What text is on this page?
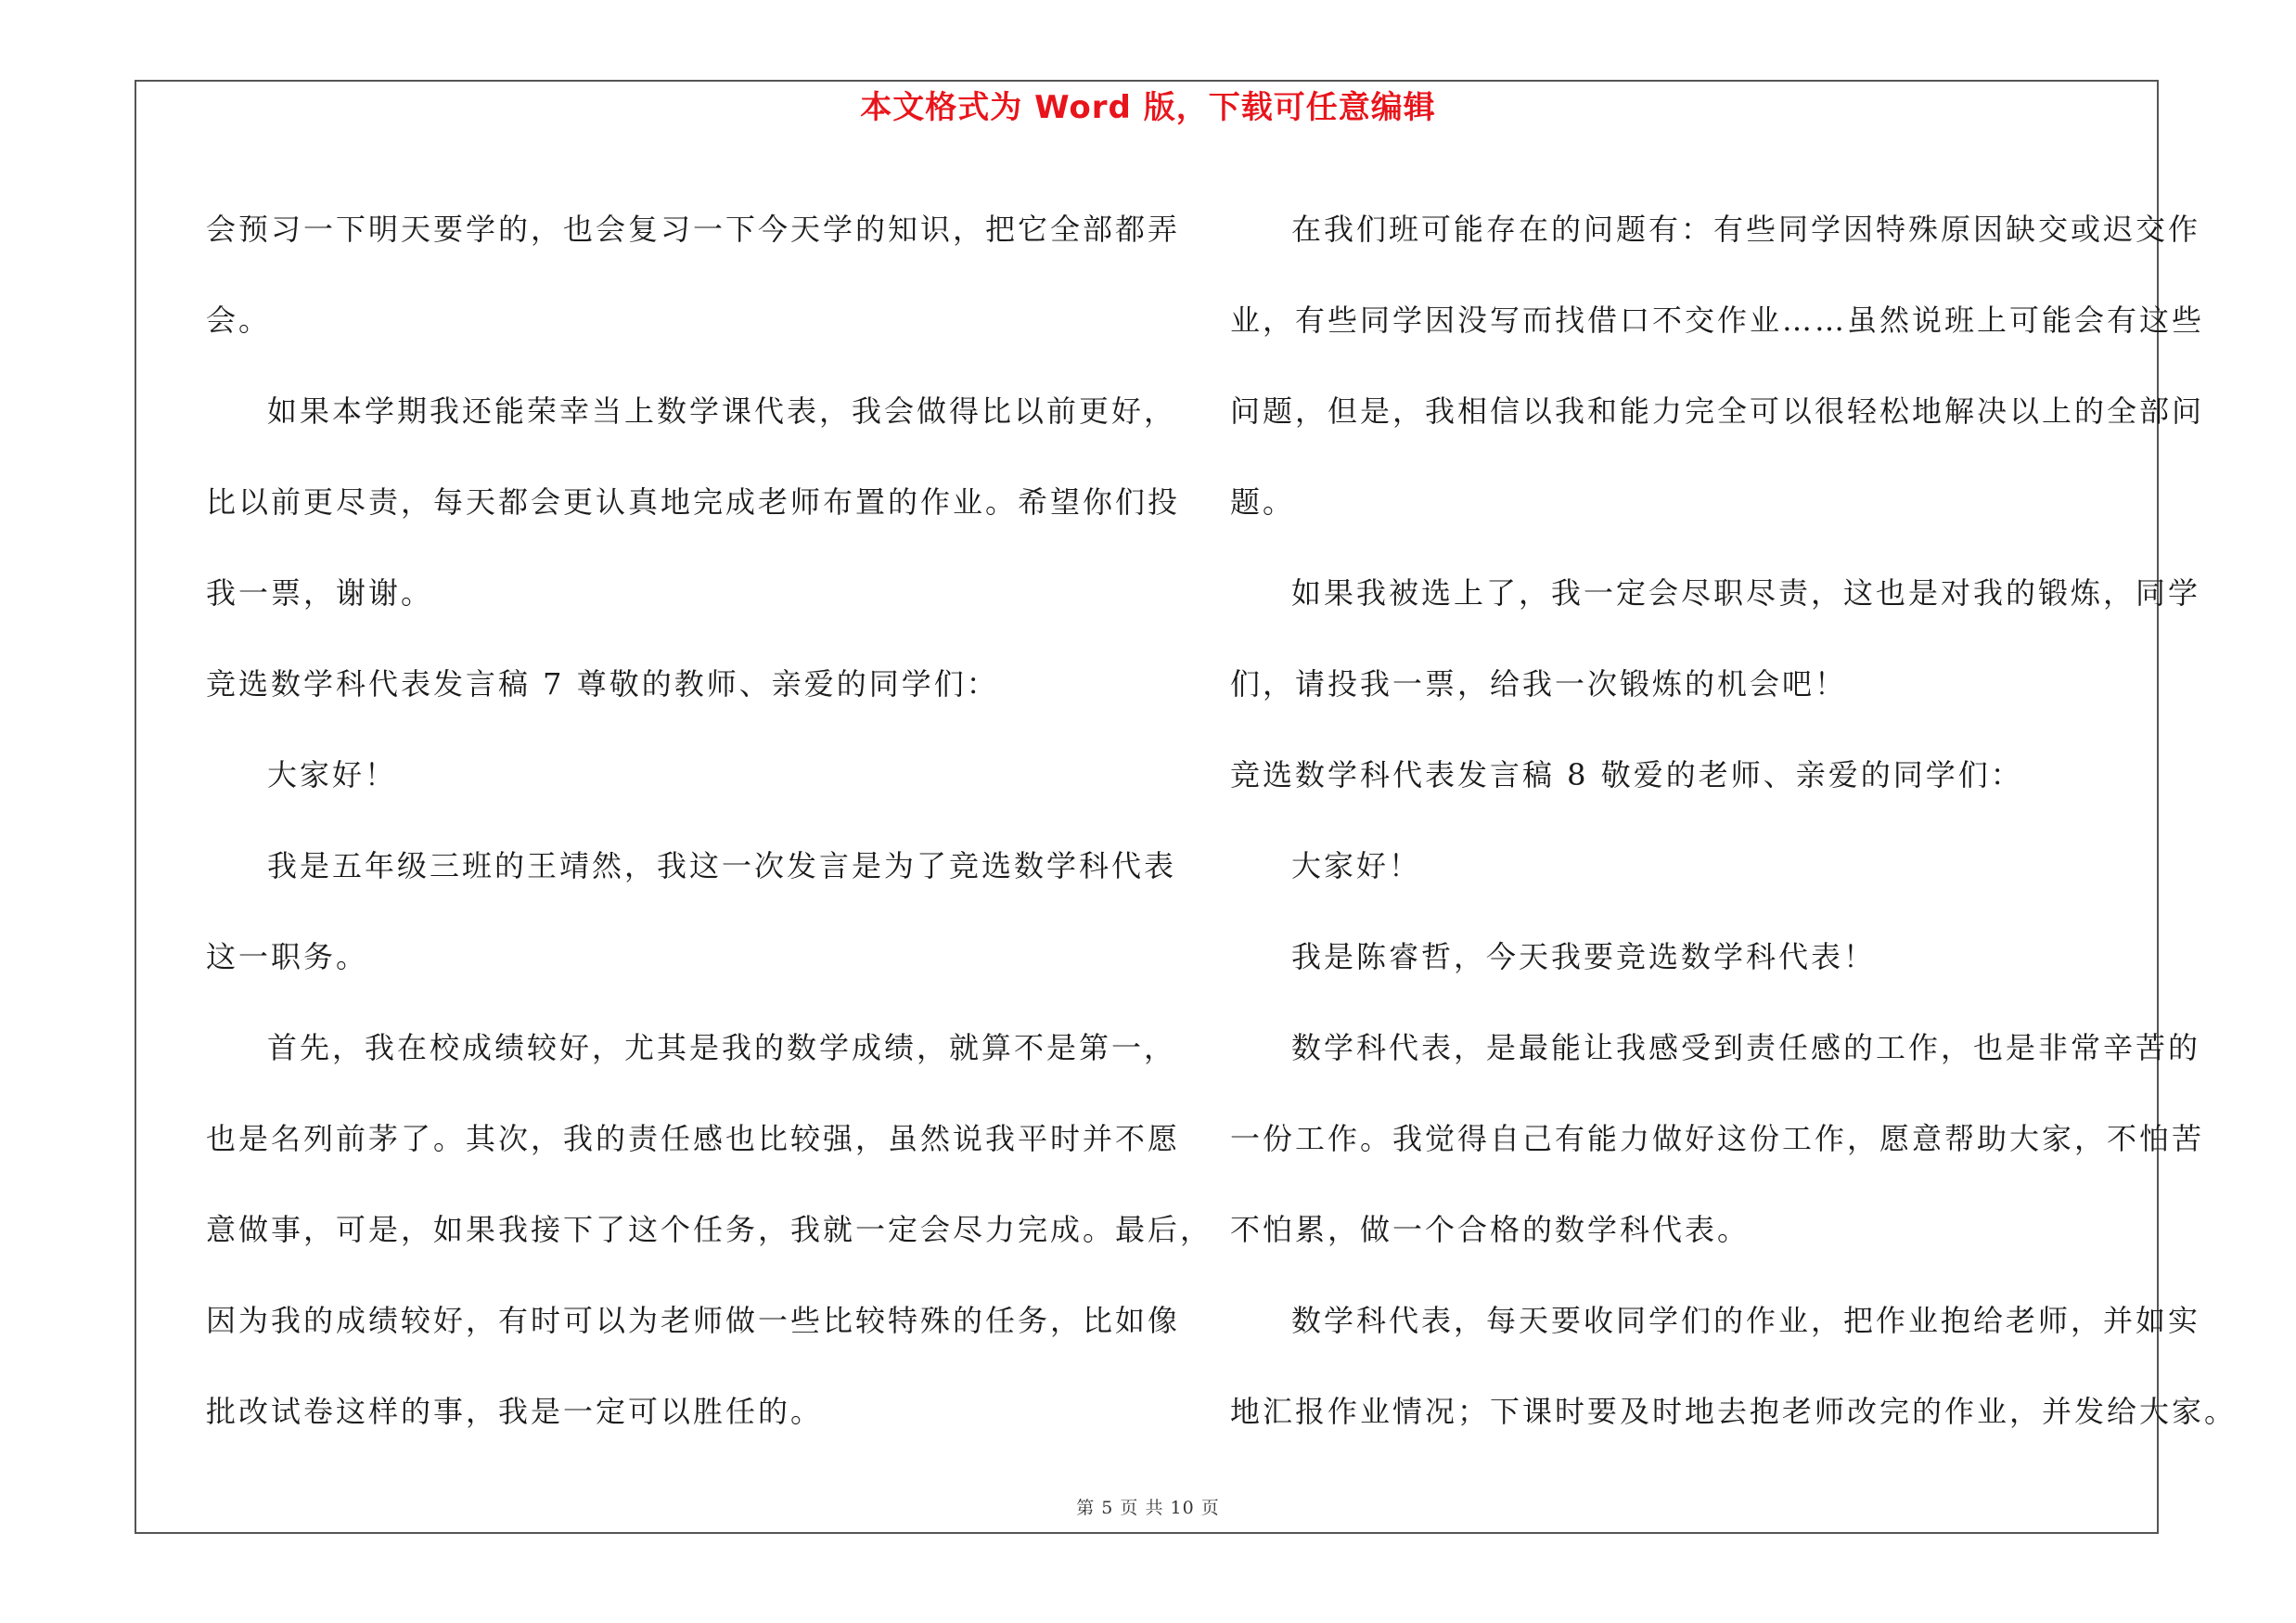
本文格式为 Word 版，下载可任意编辑
会预习一下明天要学的，也会复习一下今天学的知识，把它全部都弄
会。
如果本学期我还能荣幸当上数学课代表，我会做得比以前更好，
比以前更尽责，每天都会更认真地完成老师布置的作业。希望你们投
我一票，谢谢。
竞选数学科代表发言稿 7 尊敬的教师、亲爱的同学们：
大家好！
我是五年级三班的王靖然，我这一次发言是为了竞选数学科代表
这一职务。
首先，我在校成绩较好，尤其是我的数学成绩，就算不是第一，
也是名列前茅了。其次，我的责任感也比较强，虽然说我平时并不愿
意做事，可是，如果我接下了这个任务，我就一定会尽力完成。最后，
因为我的成绩较好，有时可以为老师做一些比较特殊的任务，比如像
批改试卷这样的事，我是一定可以胜任的。
在我们班可能存在的问题有：有些同学因特殊原因缺交或迟交作
业，有些同学因没写而找借口不交作业……虽然说班上可能会有这些
问题，但是，我相信以我和能力完全可以很轻松地解决以上的全部问
题。
如果我被选上了，我一定会尽职尽责，这也是对我的锻炼，同学
们，请投我一票，给我一次锻炼的机会吧！
竞选数学科代表发言稿 8 敬爱的老师、亲爱的同学们：
大家好！
我是陈睿哲，今天我要竞选数学科代表！
数学科代表，是最能让我感受到责任感的工作，也是非常辛苦的
一份工作。我觉得自己有能力做好这份工作，愿意帮助大家，不怕苦
不怕累，做一个合格的数学科代表。
数学科代表，每天要收同学们的作业，把作业抱给老师，并如实
地汇报作业情况；下课时要及时地去抱老师改完的作业，并发给大家。
第 5 页 共 10 页
